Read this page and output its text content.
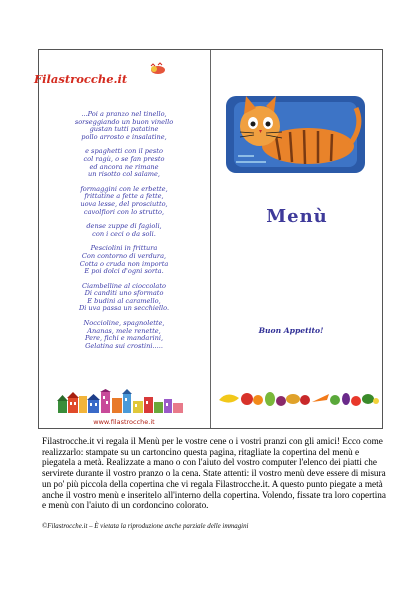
Filastrocche.it
...Poi a pranzo nel tinello,
sorseggiando un buon vinello
gustan tutti patatine
pollo arrosto e insalatine,
e spaghetti con il pesto
col ragù, o se fan presto
ed ancora ne rimane
un risotto col salame,
formaggini con le erbette,
frittatine a fette a fette,
uova lesse, del prosciutto,
cavolfiori con lo strutto,
dense zuppe di fagioli,
con i ceci o da soli.
Pesciolini in frittura
Con contorno di verdura,
Cotta o cruda non importa
E poi dolci d'ogni sorta.
Ciambelline al cioccolato
Di canditi uno sformato
E budini al caramello,
Di uva passa un secchiello.
Noccioline, spagnolette,
Ananas, mele renette,
Pere, fichi e mandarini,
Gelatina sui crostini.....
www.filastrocche.it
Menù
Buon Appetito!

Filastrocche.it vi regala il Menù per le vostre cene o i vostri pranzi con gli amici! Ecco come realizzarlo: stampate su un cartoncino questa pagina, ritagliate la copertina del menù e piegatela a metà. Realizzate a mano o con l'aiuto del vostro computer l'elenco dei piatti che servirete durante il vostro pranzo o la cena. State attenti: il vostro menù deve essere di misura un po' più piccola della copertina che vi regala Filastrocche.it. A questo punto piegate a metà anche il vostro menù e inseritelo all'interno della copertina. Volendo, fissate tra loro copertina e menù con l'aiuto di un cordoncino colorato.

©Filastrocche.it – È vietata la riproduzione anche parziale delle immagini
